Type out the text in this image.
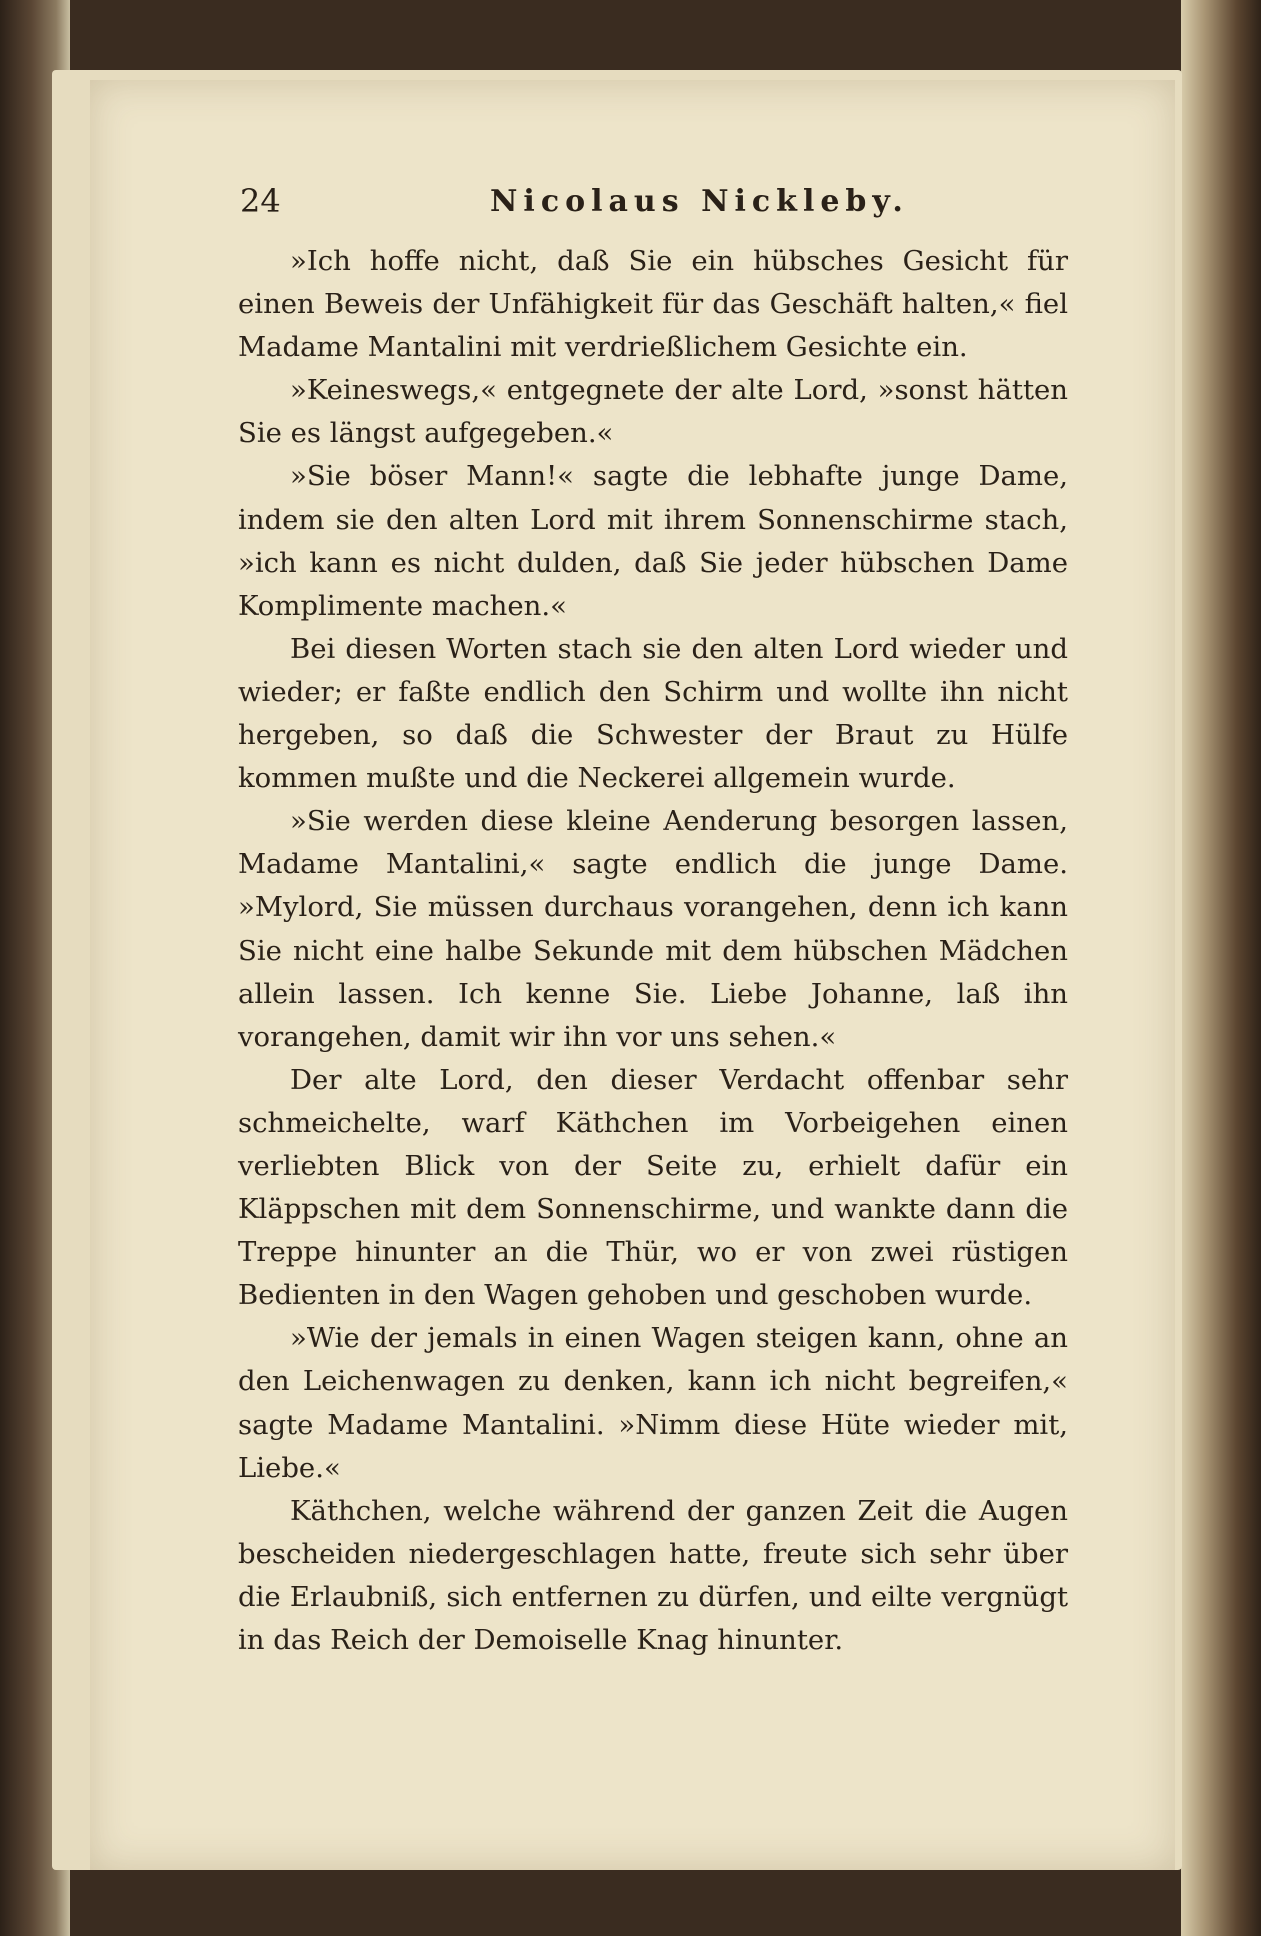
24	Nicolaus Nickleby.

»Ich hoffe nicht, daß Sie ein hübsches Gesicht für einen Beweis der Unfähigkeit für das Geschäft halten,« fiel Madame Mantalini mit verdrießlichem Gesichte ein.

»Keineswegs,« entgegnete der alte Lord, »sonst hätten Sie es längst aufgegeben.«

»Sie böser Mann!« sagte die lebhafte junge Dame, indem sie den alten Lord mit ihrem Sonnenschirme stach, »ich kann es nicht dulden, daß Sie jeder hübschen Dame Komplimente machen.«

Bei diesen Worten stach sie den alten Lord wieder und wieder; er faßte endlich den Schirm und wollte ihn nicht hergeben, so daß die Schwester der Braut zu Hülfe kommen mußte und die Neckerei allgemein wurde.

»Sie werden diese kleine Aenderung besorgen lassen, Madame Mantalini,« sagte endlich die junge Dame. »Mylord, Sie müssen durchaus vorangehen, denn ich kann Sie nicht eine halbe Sekunde mit dem hübschen Mädchen allein lassen. Ich kenne Sie. Liebe Johanne, laß ihn vorangehen, damit wir ihn vor uns sehen.«

Der alte Lord, den dieser Verdacht offenbar sehr schmeichelte, warf Käthchen im Vorbeigehen einen verliebten Blick von der Seite zu, erhielt dafür ein Kläppschen mit dem Sonnenschirme, und wankte dann die Treppe hinunter an die Thür, wo er von zwei rüstigen Bedienten in den Wagen gehoben und geschoben wurde.

»Wie der jemals in einen Wagen steigen kann, ohne an den Leichenwagen zu denken, kann ich nicht begreifen,« sagte Madame Mantalini. »Nimm diese Hüte wieder mit, Liebe.«

Käthchen, welche während der ganzen Zeit die Augen bescheiden niedergeschlagen hatte, freute sich sehr über die Erlaubniß, sich entfernen zu dürfen, und eilte vergnügt in das Reich der Demoiselle Knag hinunter.
